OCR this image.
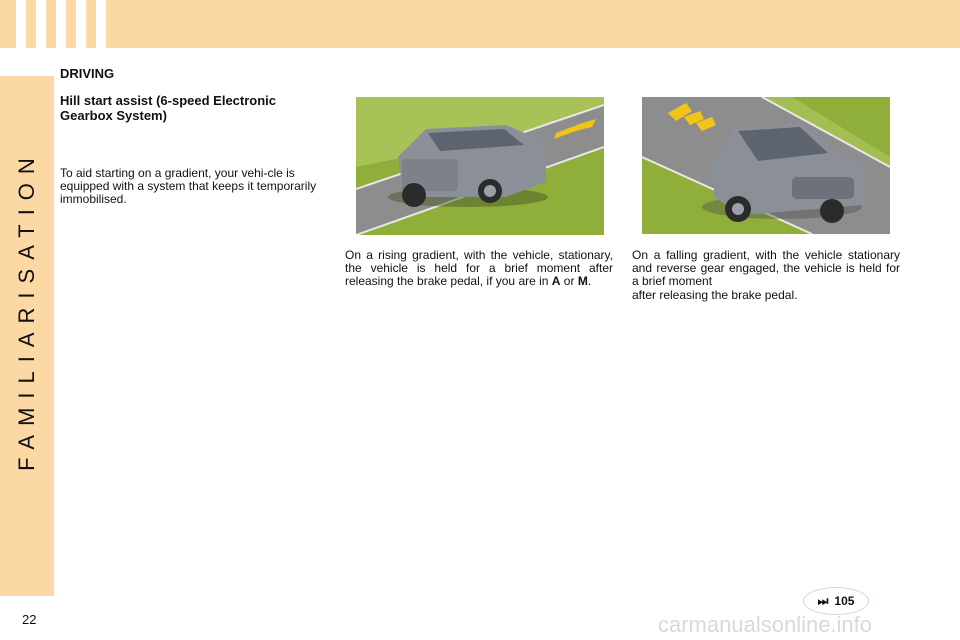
FAMILIARISATION
DRIVING
Hill start assist (6-speed Electronic Gearbox System)
To aid starting on a gradient, your vehi-cle is equipped with a system that keeps it temporarily immobilised.
On a rising gradient, with the vehicle, stationary, the vehicle is held for a brief moment after releasing the brake pedal, if you are in A or M.
On a falling gradient, with the vehicle stationary and reverse gear engaged, the vehicle is held for a brief moment
after releasing the brake pedal.
⏭ 105
22	carmanualsonline.info
